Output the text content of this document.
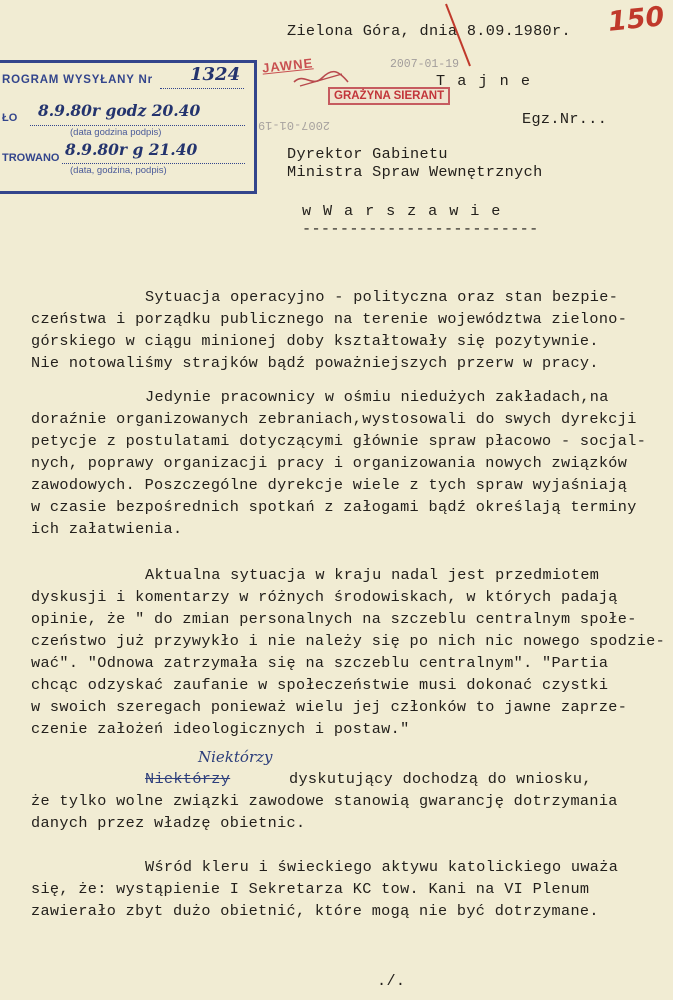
150
Zielona Góra, dnia 8.09.1980r.
ROGRAM WYSYŁANY Nr 1324
ŁO 8.9.80r godz 20.40
(data godzina podpis)
TROWANO 8.9.80r g 21.40
(data, godzina, podpis)
JAWNE	2007-01-19
2007-01-19
GRAŻYNA SIERANT
T a j n e
Egz.Nr...
Dyrektor Gabinetu
Ministra Spraw Wewnętrznych
w W a r s z a w i e
-------------------------
Sytuacja operacyjno - polityczna oraz stan bezpie-
czeństwa i porządku publicznego na terenie województwa zielono-
górskiego w ciągu minionej doby kształtowały się pozytywnie.
Nie notowaliśmy strajków bądź poważniejszych przerw w pracy.
Jedynie pracownicy w ośmiu niedużych zakładach,na
doraźnie organizowanych zebraniach,wystosowali do swych dyrekcji
petycje z postulatami dotyczącymi głównie spraw płacowo - socjal-
nych, poprawy organizacji pracy i organizowania nowych związków
zawodowych. Poszczególne dyrekcje wiele z tych spraw wyjaśniają
w czasie bezpośrednich spotkań z załogami bądź określają terminy
ich załatwienia.
Aktualna sytuacja w kraju nadal jest przedmiotem
dyskusji i komentarzy w różnych środowiskach, w których padają
opinie, że " do zmian personalnych na szczeblu centralnym społe-
czeństwo już przywykło i nie należy się po nich nic nowego spodzie-
wać". "Odnowa zatrzymała się na szczeblu centralnym". "Partia
chcąc odzyskać zaufanie w społeczeństwie musi dokonać czystki
w swoich szeregach ponieważ wielu jej członków to jawne zaprze-
czenie założeń ideologicznych i postaw."
Niektórzy
Niektórzy	dyskutujący dochodzą do wniosku,
że tylko wolne związki zawodowe stanowią gwarancję dotrzymania
danych przez władzę obietnic.
Wśród kleru i świeckiego aktywu katolickiego uważa
się, że: wystąpienie I Sekretarza KC tow. Kani na VI Plenum
zawierało zbyt dużo obietnić, które mogą nie być dotrzymane.
./.
